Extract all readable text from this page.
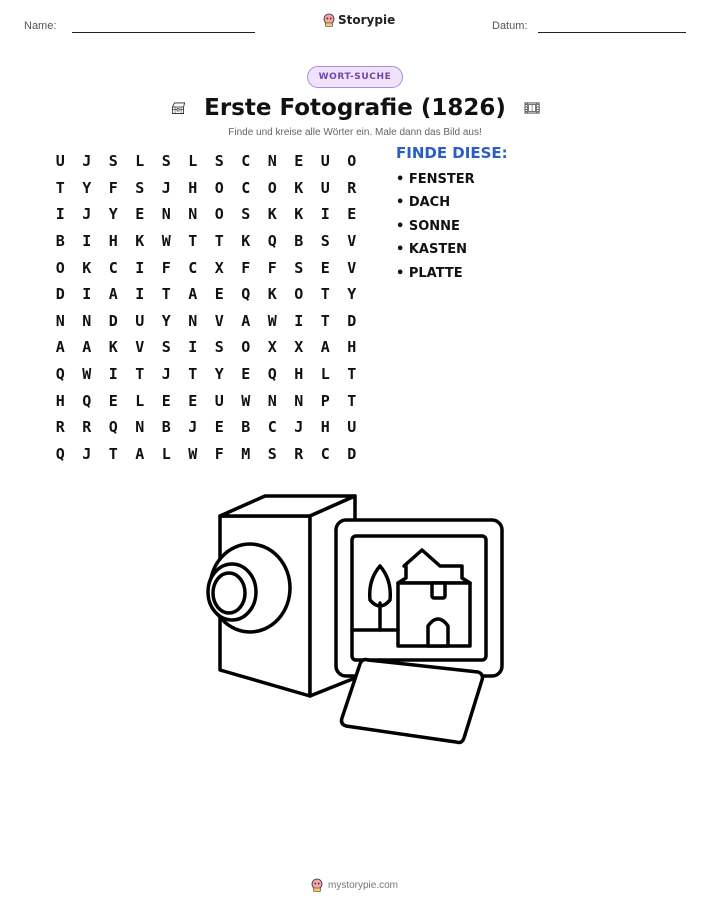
Name:	Storypie	Datum:
WORT-SUCHE
Erste Fotografie (1826)
Finde und kreise alle Wörter ein. Male dann das Bild aus!
U	J	S	L	S	L	S	C	N	E	U	O
T	Y	F	S	J	H	O	C	O	K	U	R
I	J	Y	E	N	N	O	S	K	K	I	E
B	I	H	K	W	T	T	K	Q	B	S	V
O	K	C	I	F	C	X	F	F	S	E	V
D	I	A	I	T	A	E	Q	K	O	T	Y
N	N	D	U	Y	N	V	A	W	I	T	D
A	A	K	V	S	I	S	O	X	X	A	H
Q	W	I	T	J	T	Y	E	Q	H	L	T
H	Q	E	L	E	E	U	W	N	N	P	T
R	R	Q	N	B	J	E	B	C	J	H	U
Q	J	T	A	L	W	F	M	S	R	C	D
FINDE DIESE:
• FENSTER
• DACH
• SONNE
• KASTEN
• PLATTE
mystorypie.com
